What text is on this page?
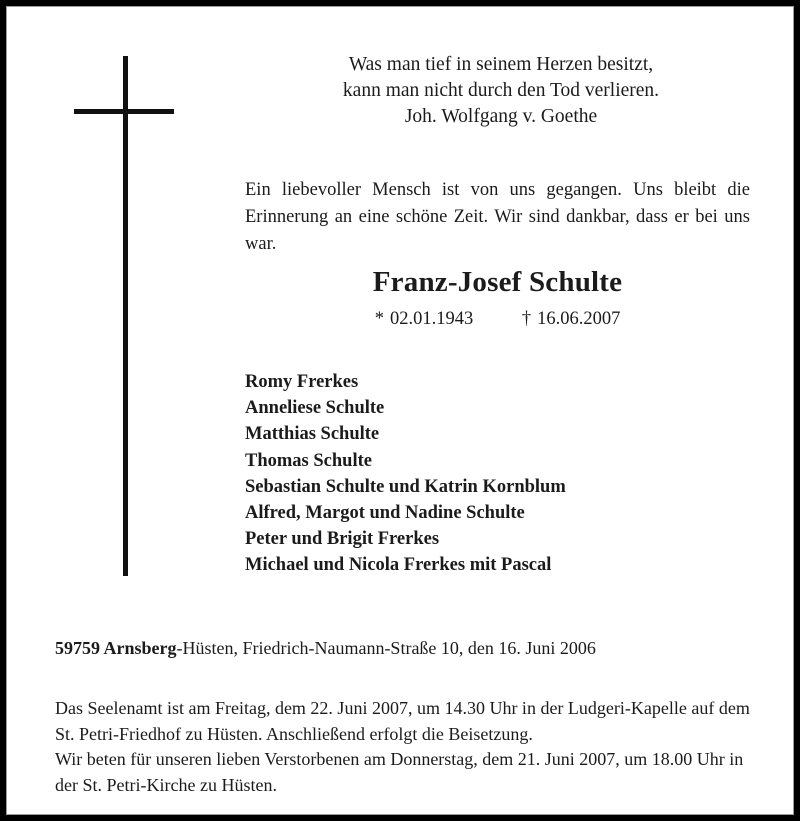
Was man tief in seinem Herzen besitzt,
kann man nicht durch den Tod verlieren.
Joh. Wolfgang v. Goethe

Ein liebevoller Mensch ist von uns gegangen. Uns bleibt die Erinnerung an eine schöne Zeit. Wir sind dankbar, dass er bei uns war.

Franz-Josef Schulte
* 02.01.1943	† 16.06.2007
Romy Frerkes
Anneliese Schulte
Matthias Schulte
Thomas Schulte
Sebastian Schulte und Katrin Kornblum
Alfred, Margot und Nadine Schulte
Peter und Brigit Frerkes
Michael und Nicola Frerkes mit Pascal
59759 Arnsberg-Hüsten, Friedrich-Naumann-Straße 10, den 16. Juni 2006

Das Seelenamt ist am Freitag, dem 22. Juni 2007, um 14.30 Uhr in der Ludgeri-Kapelle auf dem St. Petri-Friedhof zu Hüsten. Anschließend erfolgt die Beisetzung.

Wir beten für unseren lieben Verstorbenen am Donnerstag, dem 21. Juni 2007, um 18.00 Uhr in der St. Petri-Kirche zu Hüsten.
